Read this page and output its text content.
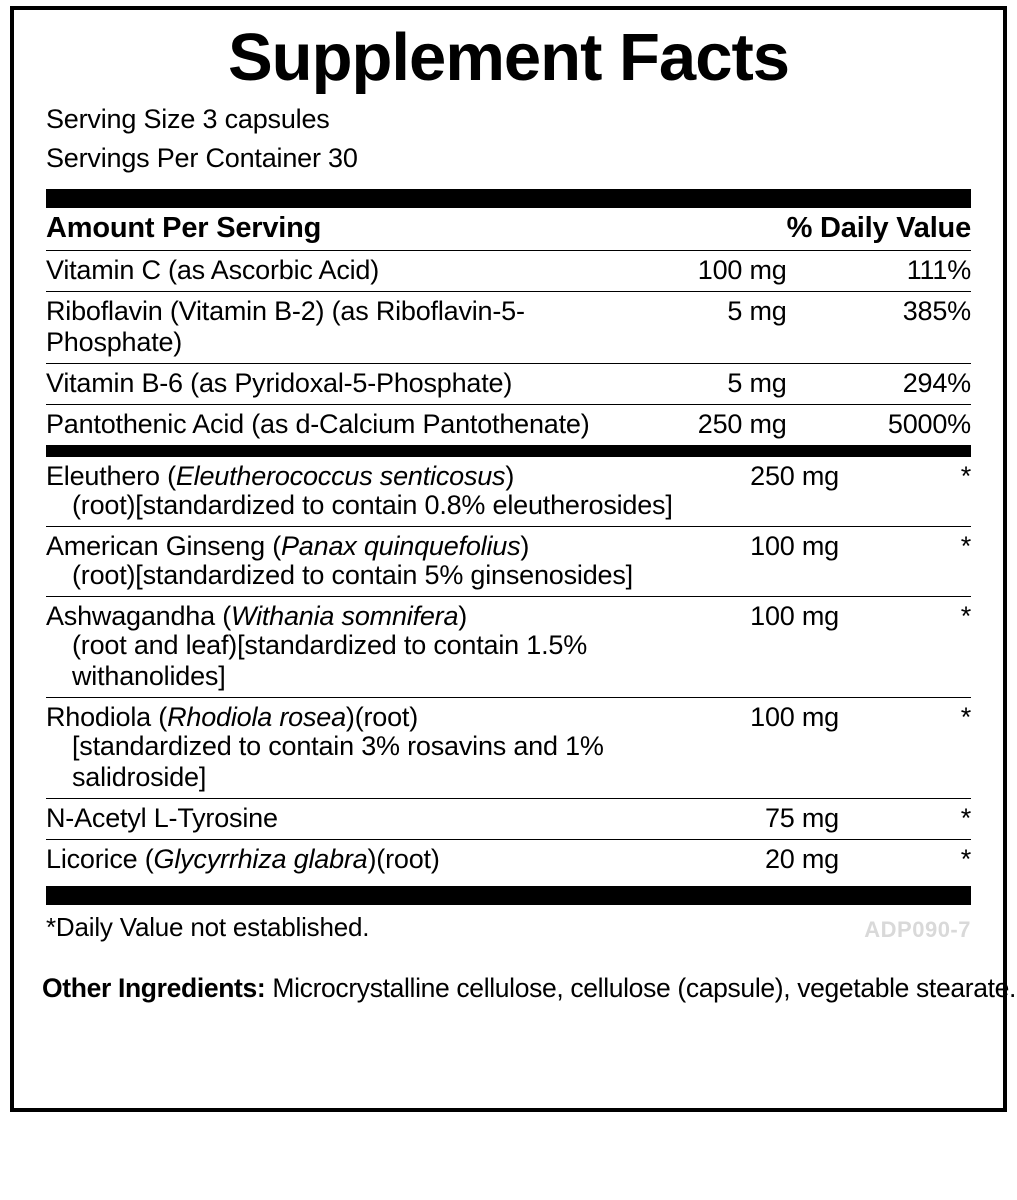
Supplement Facts
Serving Size 3 capsules
Servings Per Container 30
Amount Per Serving		% Daily Value
Vitamin C (as Ascorbic Acid)	100 mg	111%
Riboflavin (Vitamin B-2) (as Riboflavin-5-Phosphate)	5 mg	385%
Vitamin B-6 (as Pyridoxal-5-Phosphate)	5 mg	294%
Pantothenic Acid (as d-Calcium Pantothenate)	250 mg	5000%
Eleuthero (Eleutherococcus senticosus)
(root)[standardized to contain 0.8% eleutherosides]	250 mg	*
American Ginseng (Panax quinquefolius)
(root)[standardized to contain 5% ginsenosides]	100 mg	*
Ashwagandha (Withania somnifera)
(root and leaf)[standardized to contain 1.5% withanolides]	100 mg	*
Rhodiola (Rhodiola rosea)(root)
[standardized to contain 3% rosavins and 1% salidroside]	100 mg	*
N-Acetyl L-Tyrosine	75 mg	*
Licorice (Glycyrrhiza glabra)(root)	20 mg	*
*Daily Value not established.	ADP090-7
Other Ingredients: Microcrystalline cellulose, cellulose (capsule), vegetable stearate.
